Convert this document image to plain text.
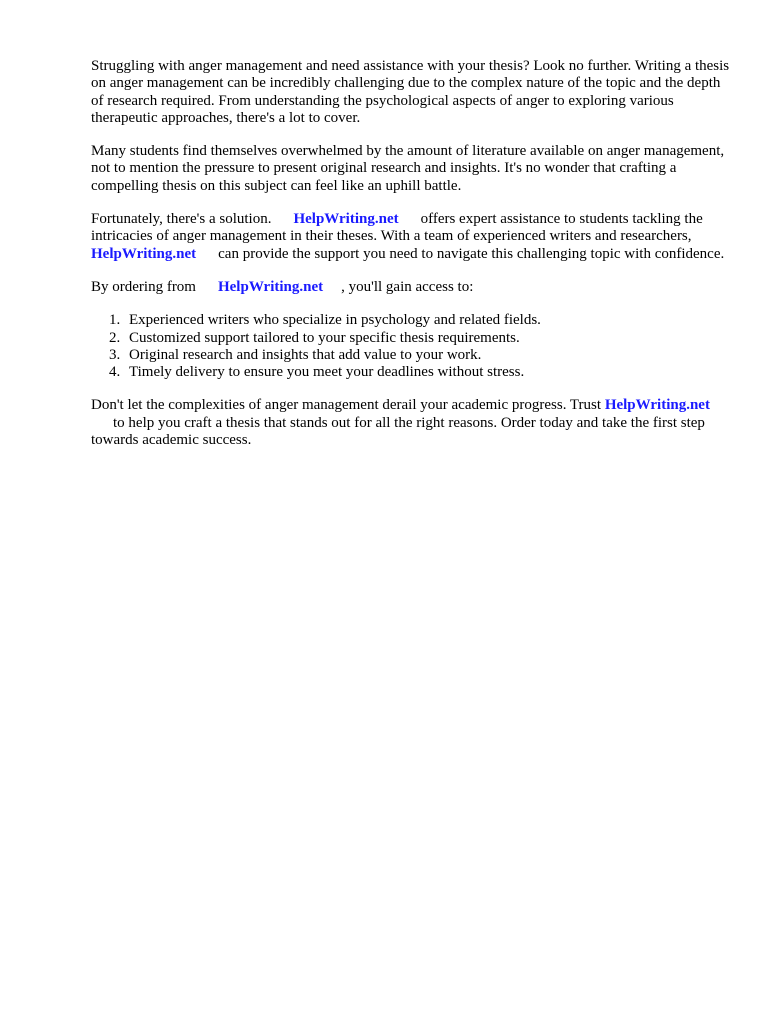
Struggling with anger management and need assistance with your thesis? Look no further. Writing a thesis on anger management can be incredibly challenging due to the complex nature of the topic and the depth of research required. From understanding the psychological aspects of anger to exploring various therapeutic approaches, there's a lot to cover.

Many students find themselves overwhelmed by the amount of literature available on anger management, not to mention the pressure to present original research and insights. It's no wonder that crafting a compelling thesis on this subject can feel like an uphill battle.

Fortunately, there's a solution. HelpWriting.net offers expert assistance to students tackling the intricacies of anger management in their theses. With a team of experienced writers and researchers,HelpWriting.net can provide the support you need to navigate this challenging topic with confidence.

By ordering from HelpWriting.net , you'll gain access to:

1. Experienced writers who specialize in psychology and related fields.
2. Customized support tailored to your specific thesis requirements.
3. Original research and insights that add value to your work.
4. Timely delivery to ensure you meet your deadlines without stress.

Don't let the complexities of anger management derail your academic progress. Trust HelpWriting.netto help you craft a thesis that stands out for all the right reasons. Order today and take the first step towards academic success.
